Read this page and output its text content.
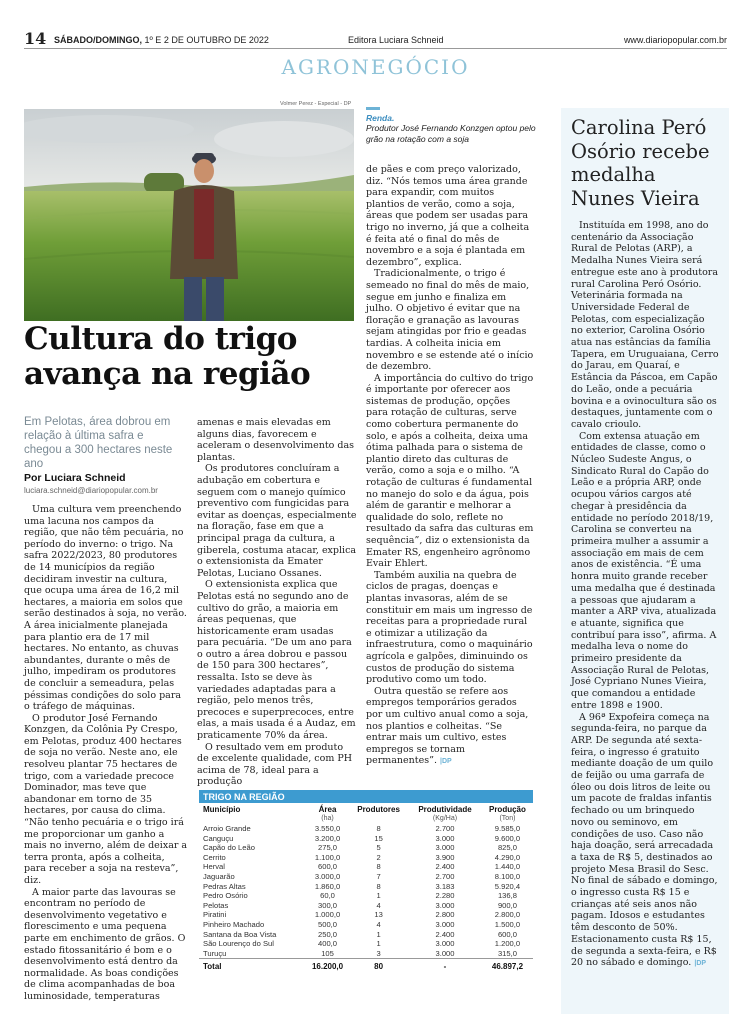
14 SÁBADO/DOMINGO, 1º E 2 DE OUTUBRO DE 2022	Editora Luciara Schneid	www.diariopopular.com.br
AGRONEGÓCIO
Volmer Perez - Especial - DP
Renda.
Produtor José Fernando Konzgen optou pelo grão na rotação com a soja
Cultura do trigo
avança na região
Em Pelotas, área dobrou em relação à última safra e chegou a 300 hectares neste ano
Por Luciara Schneid
luciara.schneid@diariopopular.com.br

Uma cultura vem preenchendo uma lacuna nos campos da região, que não têm pecuária, no período do inverno: o trigo. Na safra 2022/2023, 80 produtores de 14 municípios da região decidiram investir na cultura, que ocupa uma área de 16,2 mil hectares, a maioria em solos que serão destinados à soja, no verão. A área inicialmente planejada para plantio era de 17 mil hectares. No entanto, as chuvas abundantes, durante o mês de julho, impediram os produtores de concluir a semeadura, pelas péssimas condições do solo para o tráfego de máquinas.

O produtor José Fernando Konzgen, da Colônia Py Crespo, em Pelotas, produz 400 hectares de soja no verão. Neste ano, ele resolveu plantar 75 hectares de trigo, com a variedade precoce Dominador, mas teve que abandonar em torno de 35 hectares, por causa do clima. “Não tenho pecuária e o trigo irá me proporcionar um ganho a mais no inverno, além de deixar a terra pronta, após a colheita, para receber a soja na resteva”, diz.

A maior parte das lavouras se encontram no período de desenvolvimento vegetativo e florescimento e uma pequena parte em enchimento de grãos. O estado fitossanitário é bom e o desenvolvimento está dentro da normalidade. As boas condições de clima acompanhadas de boa luminosidade, temperaturas

amenas e mais elevadas em alguns dias, favorecem e aceleram o desenvolvimento das plantas.

Os produtores concluíram a adubação em cobertura e seguem com o manejo químico preventivo com fungicidas para evitar as doenças, especialmente na floração, fase em que a principal praga da cultura, a giberela, costuma atacar, explica o extensionista da Emater Pelotas, Luciano Ossanes.

O extensionista explica que Pelotas está no segundo ano de cultivo do grão, a maioria em áreas pequenas, que historicamente eram usadas para pecuária. “De um ano para o outro a área dobrou e passou de 150 para 300 hectares”, ressalta. Isto se deve às variedades adaptadas para a região, pelo menos três, precoces e superprecoces, entre elas, a mais usada é a Audaz, em praticamente 70% da área.

O resultado vem em produto de excelente qualidade, com PH acima de 78, ideal para a produção

de pães e com preço valorizado, diz. “Nós temos uma área grande para expandir, com muitos plantios de verão, como a soja, áreas que podem ser usadas para trigo no inverno, já que a colheita é feita até o final do mês de novembro e a soja é plantada em dezembro”, explica.

Tradicionalmente, o trigo é semeado no final do mês de maio, segue em junho e finaliza em julho. O objetivo é evitar que na floração e granação as lavouras sejam atingidas por frio e geadas tardias. A colheita inicia em novembro e se estende até o início de dezembro.

A importância do cultivo do trigo é importante por oferecer aos sistemas de produção, opções para rotação de culturas, serve como cobertura permanente do solo, e após a colheita, deixa uma ótima palhada para o sistema de plantio direto das culturas de verão, como a soja e o milho. “A rotação de culturas é fundamental no manejo do solo e da água, pois além de garantir e melhorar a qualidade do solo, reflete no resultado da safra das culturas em sequência”, diz o extensionista da Emater RS, engenheiro agrônomo Evair Ehlert.

Também auxilia na quebra de ciclos de pragas, doenças e plantas invasoras, além de se constituir em mais um ingresso de receitas para a propriedade rural e otimizar a utilização da infraestrutura, como o maquinário agrícola e galpões, diminuindo os custos de produção do sistema produtivo como um todo.

Outra questão se refere aos empregos temporários gerados por um cultivo anual como a soja, nos plantios e colheitas. “Se entrar mais um cultivo, estes empregos se tornam permanentes”. |DP

TRIGO NA REGIÃO
Município	Área	Produtores	Produtividade	Produção
	(ha)		(Kg/Ha)	(Ton)
Arroio Grande	3.550,0	8	2.700	9.585,0
Canguçu	3.200,0	15	3.000	9.600,0
Capão do Leão	275,0	5	3.000	825,0
Cerrito	1.100,0	2	3.900	4.290,0
Herval	600,0	8	2.400	1.440,0
Jaguarão	3.000,0	7	2.700	8.100,0
Pedras Altas	1.860,0	8	3.183	5.920,4
Pedro Osório	60,0	1	2.280	136,8
Pelotas	300,0	4	3.000	900,0
Piratini	1.000,0	13	2.800	2.800,0
Pinheiro Machado	500,0	4	3.000	1.500,0
Santana da Boa Vista	250,0	1	2.400	600,0
São Lourenço do Sul	400,0	1	3.000	1.200,0
Turuçu	105	3	3.000	315,0
Total	16.200,0	80	-	46.897,2
Carolina Peró Osório recebe medalha Nunes Vieira

Instituída em 1998, ano do centenário da Associação Rural de Pelotas (ARP), a Medalha Nunes Vieira será entregue este ano à produtora rural Carolina Peró Osório. Veterinária formada na Universidade Federal de Pelotas, com especialização no exterior, Carolina Osório atua nas estâncias da família Tapera, em Uruguaiana, Cerro do Jarau, em Quaraí, e Estância da Páscoa, em Capão do Leão, onde a pecuária bovina e a ovinocultura são os destaques, juntamente com o cavalo crioulo.

Com extensa atuação em entidades de classe, como o Núcleo Sudeste Angus, o Sindicato Rural do Capão do Leão e a própria ARP, onde ocupou vários cargos até chegar à presidência da entidade no período 2018/19, Carolina se converteu na primeira mulher a assumir a associação em mais de cem anos de existência. “É uma honra muito grande receber uma medalha que é destinada a pessoas que ajudaram a manter a ARP viva, atualizada e atuante, significa que contribuí para isso”, afirma. A medalha leva o nome do primeiro presidente da Associação Rural de Pelotas, José Cypriano Nunes Vieira, que comandou a entidade entre 1898 e 1900.

A 96ª Expofeira começa na segunda-feira, no parque da ARP. De segunda até sexta-feira, o ingresso é gratuito mediante doação de um quilo de feijão ou uma garrafa de óleo ou dois litros de leite ou um pacote de fraldas infantis fechado ou um brinquedo novo ou seminovo, em condições de uso. Caso não haja doação, será arrecadada a taxa de R$ 5, destinados ao projeto Mesa Brasil do Sesc. No final de sábado e domingo, o ingresso custa R$ 15 e crianças até seis anos não pagam. Idosos e estudantes têm desconto de 50%. Estacionamento custa R$ 15, de segunda a sexta-feira, e R$ 20 no sábado e domingo. |DP
